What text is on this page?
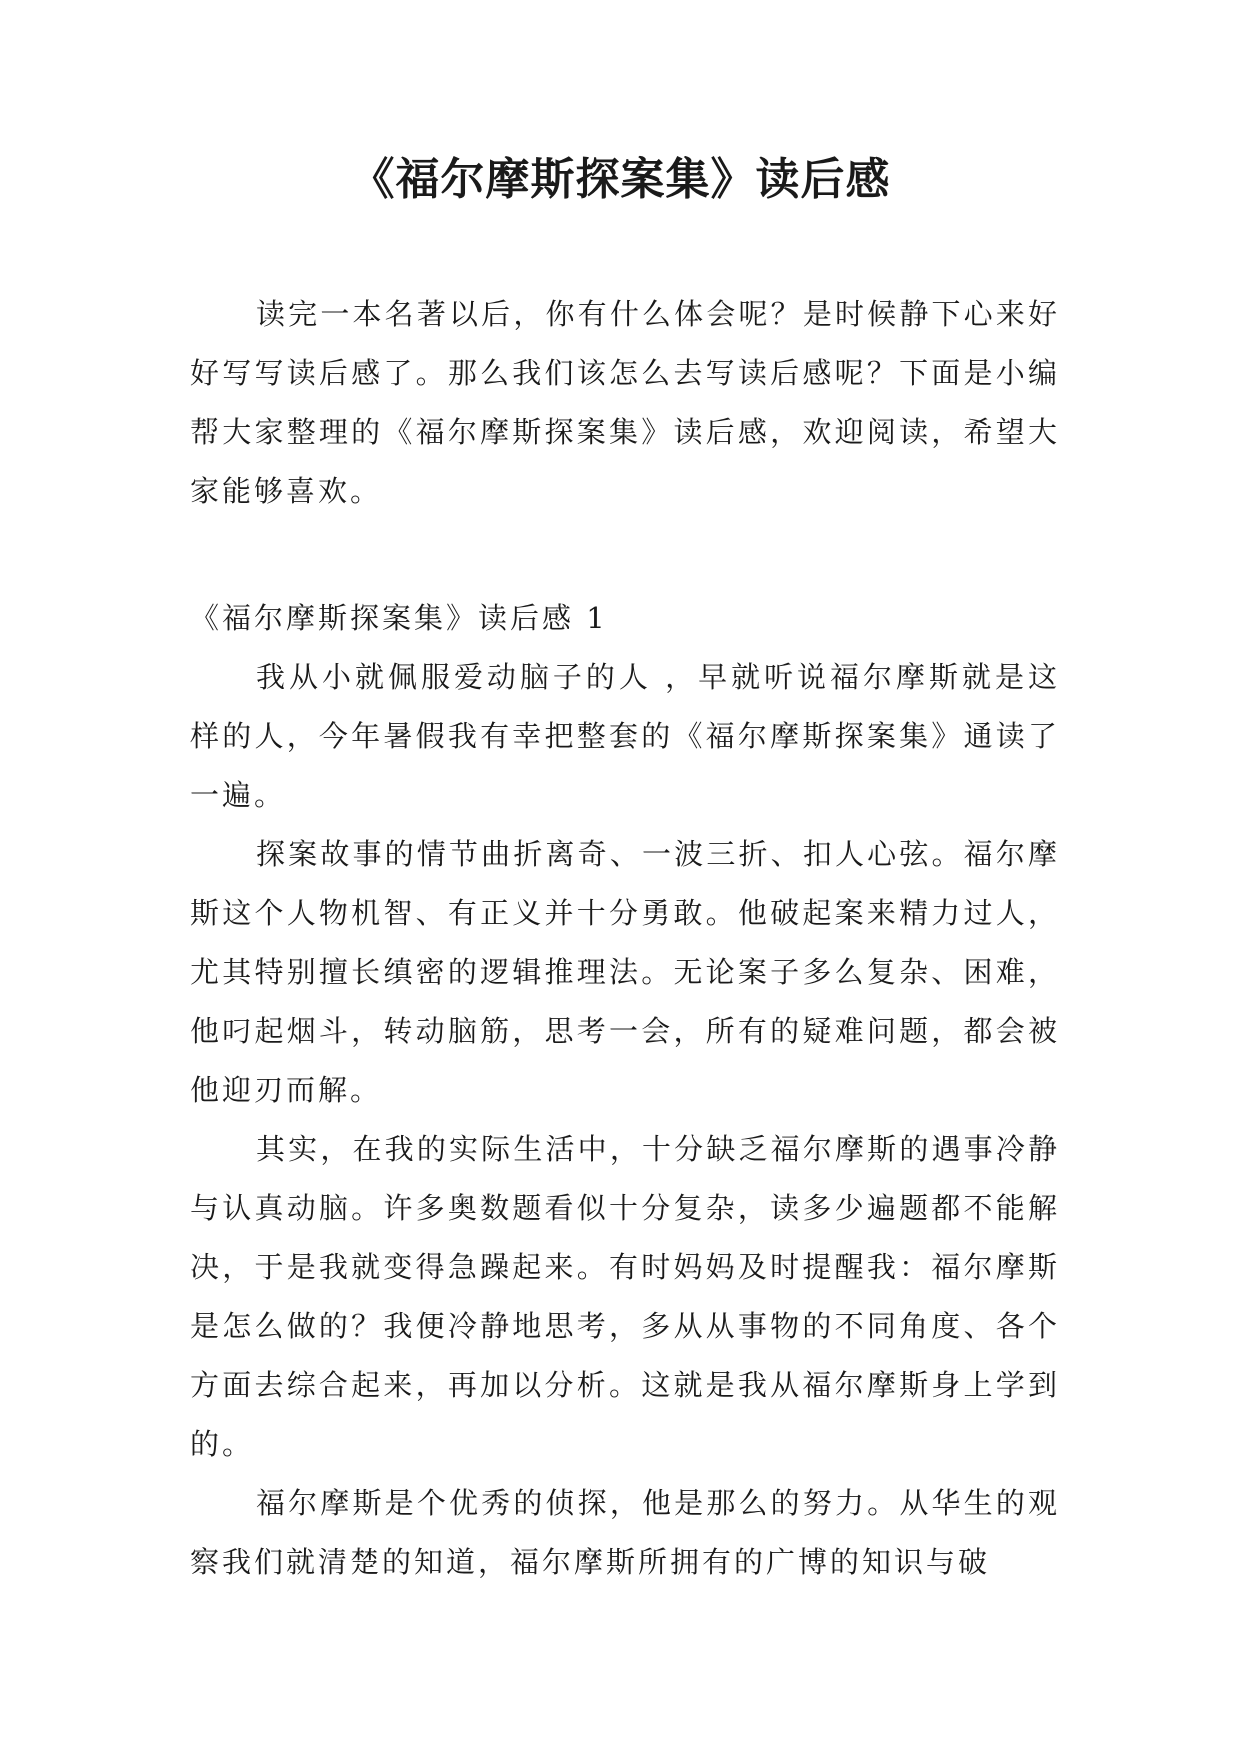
《福尔摩斯探案集》读后感

读完一本名著以后，你有什么体会呢？是时候静下心来好好写写读后感了。那么我们该怎么去写读后感呢？下面是小编帮大家整理的《福尔摩斯探案集》读后感，欢迎阅读，希望大家能够喜欢。

《福尔摩斯探案集》读后感 1

我从小就佩服爱动脑子的人 ，早就听说福尔摩斯就是这样的人，今年暑假我有幸把整套的《福尔摩斯探案集》通读了一遍。

探案故事的情节曲折离奇、一波三折、扣人心弦。福尔摩斯这个人物机智、有正义并十分勇敢。他破起案来精力过人，尤其特别擅长缜密的逻辑推理法。无论案子多么复杂、困难，他叼起烟斗，转动脑筋，思考一会，所有的疑难问题，都会被他迎刃而解。

其实，在我的实际生活中，十分缺乏福尔摩斯的遇事冷静与认真动脑。许多奥数题看似十分复杂，读多少遍题都不能解决，于是我就变得急躁起来。有时妈妈及时提醒我：福尔摩斯是怎么做的？我便冷静地思考，多从从事物的不同角度、各个方面去综合起来，再加以分析。这就是我从福尔摩斯身上学到的。

福尔摩斯是个优秀的侦探，他是那么的努力。从华生的观察我们就清楚的知道，福尔摩斯所拥有的广博的知识与破
